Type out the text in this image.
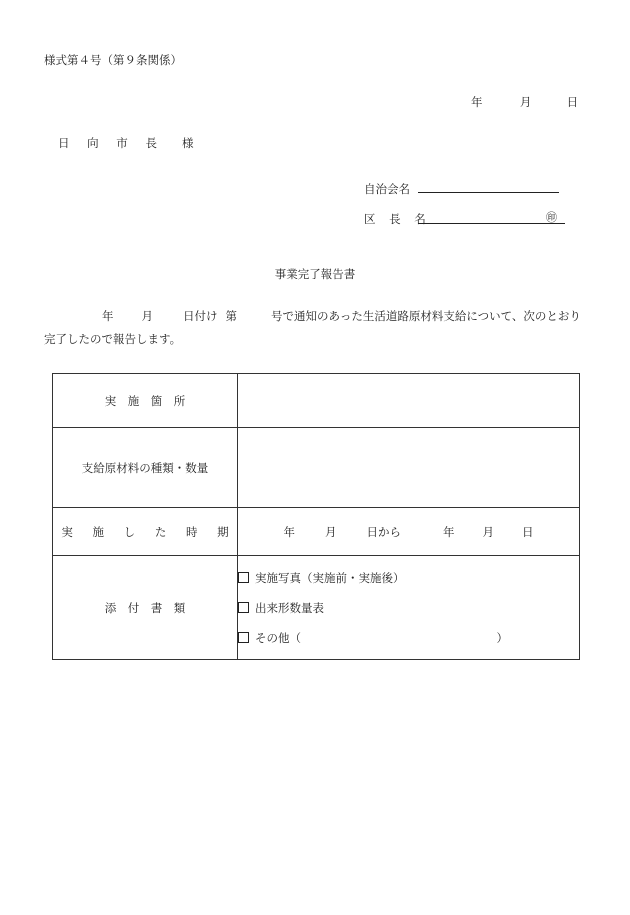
様式第４号（第９条関係）
年	月	日
日 向 市 長 様
自治会名
区 長 名	㊞
事業完了報告書
年 月	日付け 第	号で通知のあった生活道路原材料支給について、次のとおり
完了したので報告します。
実　施　箇　所	
支給原材料の種類・数量	
実 施 し た 時 期	年 月 日から 年 月 日
添　付　書　類	実施写真（実施前・実施後）
出来形数量表
その他（　　　　　　　　　　　　　　　　　）
